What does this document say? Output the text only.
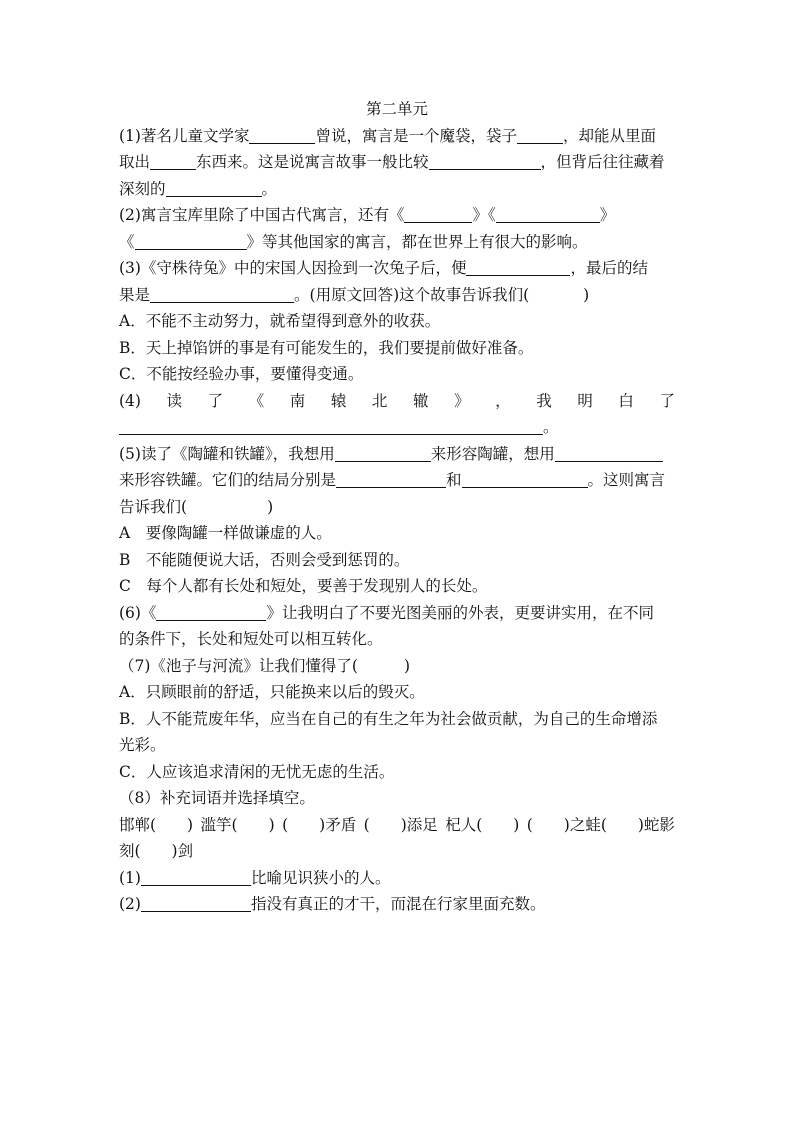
第二单元
(1)著名儿童文学家	曾说，寓言是一个魔袋，袋子	，却能从里面
取出	东西来。这是说寓言故事一般比较	，但背后往往藏着
深刻的	。
(2)寓言宝库里除了中国古代寓言，还有《	》《	》
《	》等其他国家的寓言，都在世界上有很大的影响。
(3)《守株待兔》中的宋国人因捡到一次兔子后，便	，最后的结
果是	。(用原文回答)这个故事告诉我们(	)
A．不能不主动努力，就希望得到意外的收获。
B．天上掉馅饼的事是有可能发生的，我们要提前做好准备。
C．不能按经验办事，要懂得变通。
(4) 读 了 《 南 辕 北 辙 》 ， 我 明 白 了
。
(5)读了《陶罐和铁罐》，我想用	来形容陶罐，想用
来形容铁罐。它们的结局分别是	和	。这则寓言
告诉我们(	)
A　要像陶罐一样做谦虚的人。
B　不能随便说大话，否则会受到惩罚的。
C　每个人都有长处和短处，要善于发现别人的长处。
(6)《	》让我明白了不要光图美丽的外表，更要讲实用，在不同
的条件下，长处和短处可以相互转化。
（7)《池子与河流》让我们懂得了(	)
A．只顾眼前的舒适，只能换来以后的毁灭。
B．人不能荒废年华，应当在自己的有生之年为社会做贡献，为自己的生命增添
光彩。
C．人应该追求清闲的无忧无虑的生活。
（8）补充词语并选择填空。
邯郸(　　) 滥竽(　　) (　　)矛盾 (　　)添足 杞人(　　) (　　)之蛙(　　)蛇影
刻(　　)剑
(1)	比喻见识狭小的人。
(2)	指没有真正的才干，而混在行家里面充数。
